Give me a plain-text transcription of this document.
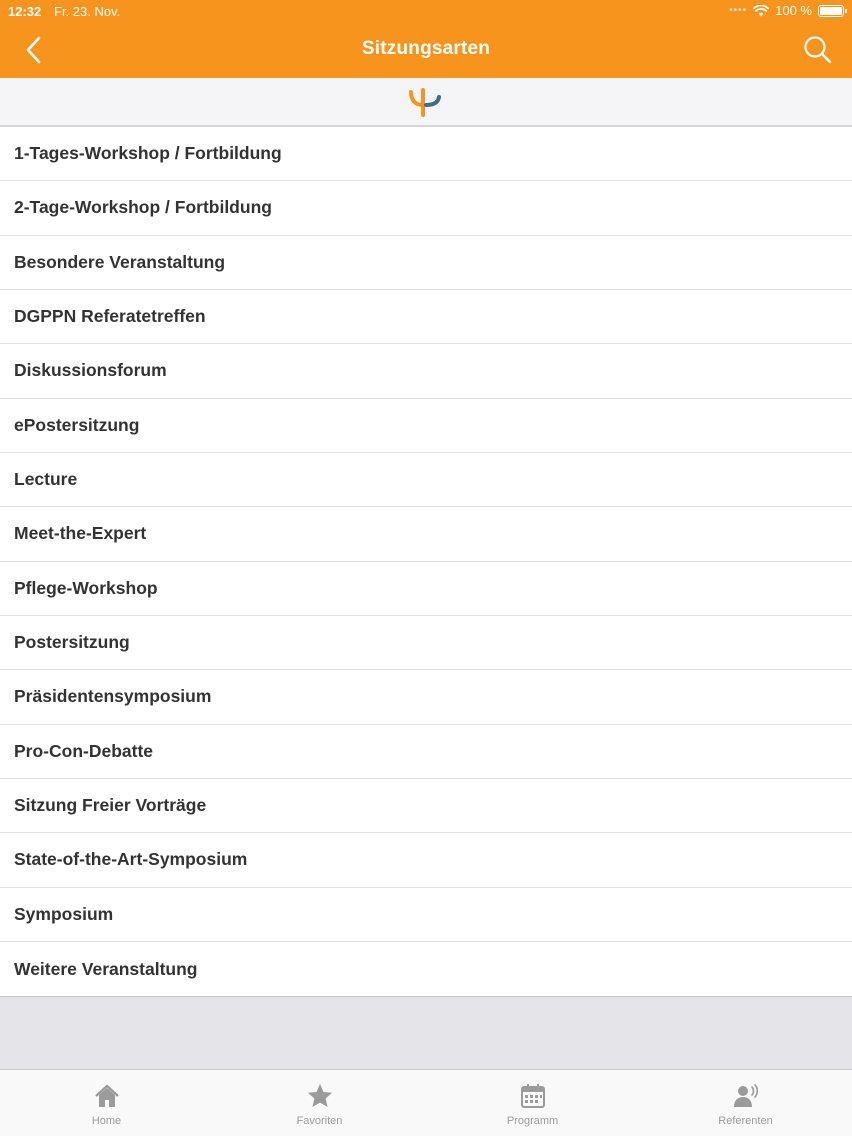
12:32 Fr. 23. Nov.	•••• 100 %
Sitzungsarten
1-Tages-Workshop / Fortbildung
2-Tage-Workshop / Fortbildung
Besondere Veranstaltung
DGPPN Referatetreffen
Diskussionsforum
ePostersitzung
Lecture
Meet-the-Expert
Pflege-Workshop
Postersitzung
Präsidentensymposium
Pro-Con-Debatte
Sitzung Freier Vorträge
State-of-the-Art-Symposium
Symposium
Weitere Veranstaltung
Home	Favoriten	Programm	Referenten
